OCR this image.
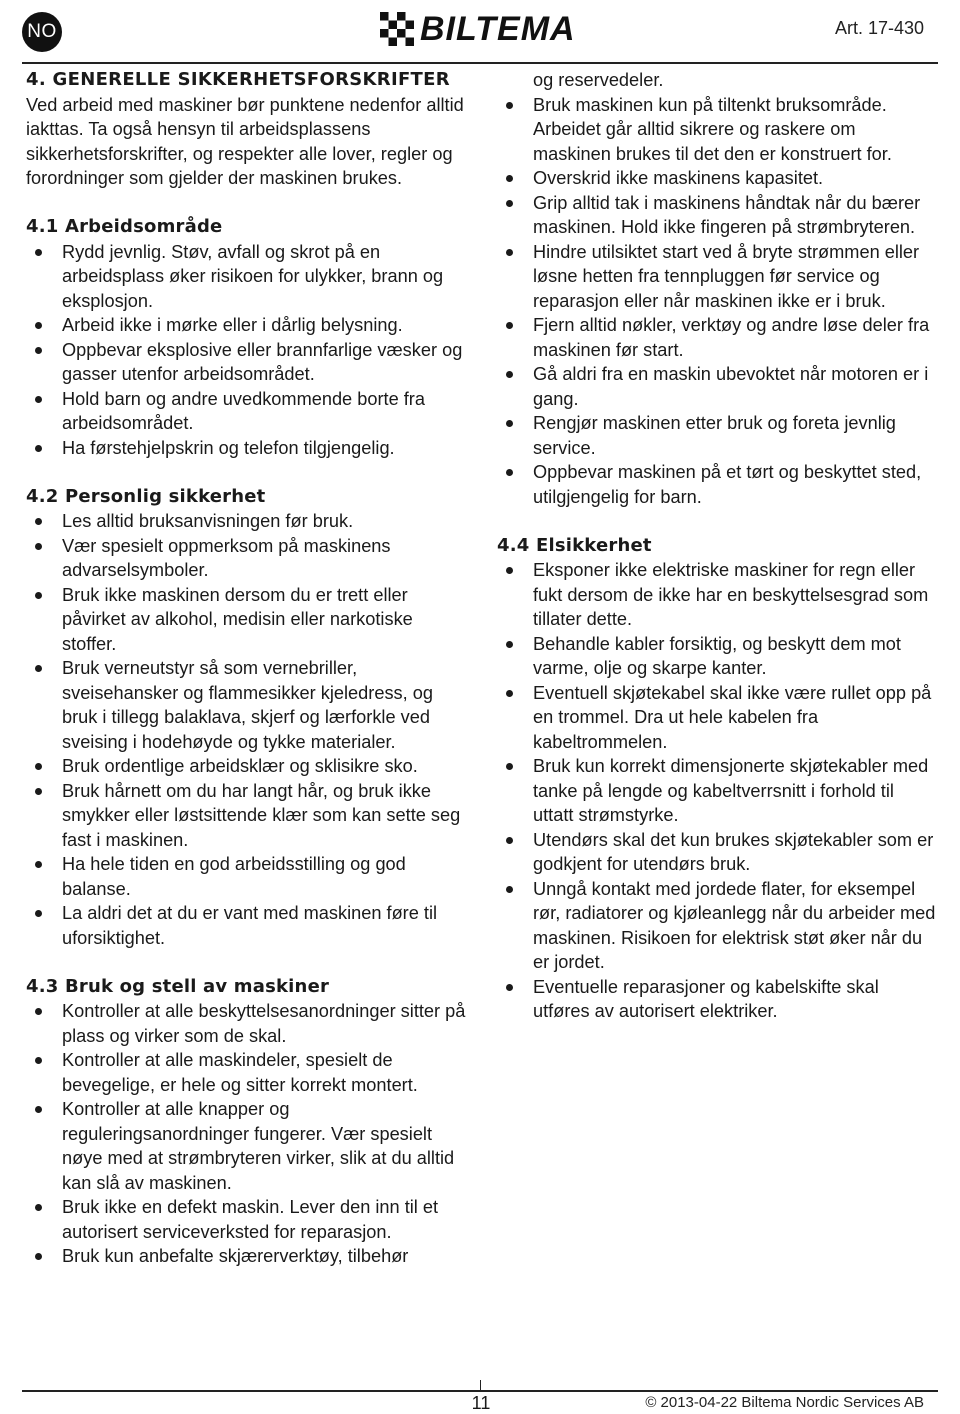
NO	BILTEMA	Art. 17-430
4. GENERELLE SIKKERHETSFORSKRIFTER

Ved arbeid med maskiner bør punktene nedenfor alltid iakttas. Ta også hensyn til arbeidsplassens sikkerhetsforskrifter, og respekter alle lover, regler og forordninger som gjelder der maskinen brukes.

4.1 Arbeidsområde
Rydd jevnlig. Støv, avfall og skrot på en arbeidsplass øker risikoen for ulykker, brann og eksplosjon.
Arbeid ikke i mørke eller i dårlig belysning.
Oppbevar eksplosive eller brannfarlige væsker og gasser utenfor arbeidsområdet.
Hold barn og andre uvedkommende borte fra arbeidsområdet.
Ha førstehjelpskrin og telefon tilgjengelig.
4.2 Personlig sikkerhet
Les alltid bruksanvisningen før bruk.
Vær spesielt oppmerksom på maskinens advarselsymboler.
Bruk ikke maskinen dersom du er trett eller påvirket av alkohol, medisin eller narkotiske stoffer.
Bruk verneutstyr så som vernebriller, sveisehansker og flammesikker kjeledress, og bruk i tillegg balaklava, skjerf og lærforkle ved sveising i hodehøyde og tykke materialer.
Bruk ordentlige arbeidsklær og sklisikre sko.
Bruk hårnett om du har langt hår, og bruk ikke smykker eller løstsittende klær som kan sette seg fast i maskinen.
Ha hele tiden en god arbeidsstilling og god balanse.
La aldri det at du er vant med maskinen føre til uforsiktighet.
4.3 Bruk og stell av maskiner
Kontroller at alle beskyttelsesanordninger sitter på plass og virker som de skal.
Kontroller at alle maskindeler, spesielt de bevegelige, er hele og sitter korrekt montert.
Kontroller at alle knapper og reguleringsanordninger fungerer. Vær spesielt nøye med at strømbryteren virker, slik at du alltid kan slå av maskinen.
Bruk ikke en defekt maskin. Lever den inn til et autorisert serviceverksted for reparasjon.
Bruk kun anbefalte skjærerverktøy, tilbehør
og reservedeler.
Bruk maskinen kun på tiltenkt bruksområde. Arbeidet går alltid sikrere og raskere om maskinen brukes til det den er konstruert for.
Overskrid ikke maskinens kapasitet.
Grip alltid tak i maskinens håndtak når du bærer maskinen. Hold ikke fingeren på strømbryteren.
Hindre utilsiktet start ved å bryte strømmen eller løsne hetten fra tennpluggen før service og reparasjon eller når maskinen ikke er i bruk.
Fjern alltid nøkler, verktøy og andre løse deler fra maskinen før start.
Gå aldri fra en maskin ubevoktet når motoren er i gang.
Rengjør maskinen etter bruk og foreta jevnlig service.
Oppbevar maskinen på et tørt og beskyttet sted, utilgjengelig for barn.
4.4 Elsikkerhet
Eksponer ikke elektriske maskiner for regn eller fukt dersom de ikke har en beskyttelsesgrad som tillater dette.
Behandle kabler forsiktig, og beskytt dem mot varme, olje og skarpe kanter.
Eventuell skjøtekabel skal ikke være rullet opp på en trommel. Dra ut hele kabelen fra kabeltrommelen.
Bruk kun korrekt dimensjonerte skjøtekabler med tanke på lengde og kabeltverrsnitt i forhold til uttatt strømstyrke.
Utendørs skal det kun brukes skjøtekabler som er godkjent for utendørs bruk.
Unngå kontakt med jordede flater, for eksempel rør, radiatorer og kjøleanlegg når du arbeider med maskinen. Risikoen for elektrisk støt øker når du er jordet.
Eventuelle reparasjoner og kabelskifte skal utføres av autorisert elektriker.
11	© 2013-04-22 Biltema Nordic Services AB
